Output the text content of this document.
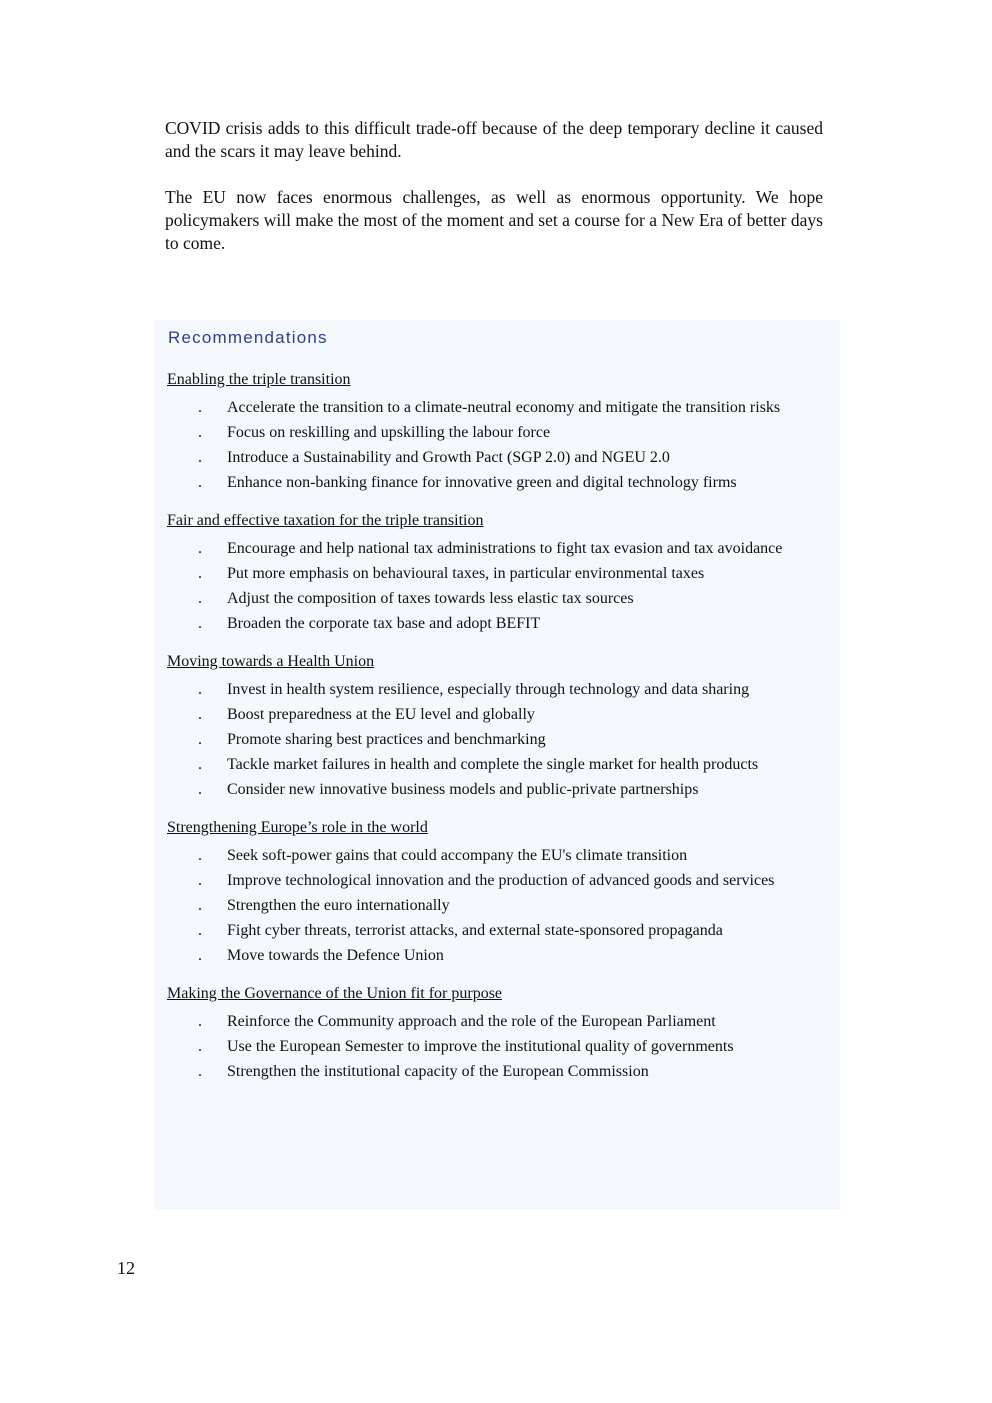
COVID crisis adds to this difficult trade-off because of the deep temporary decline it caused and the scars it may leave behind.

The EU now faces enormous challenges, as well as enormous opportunity. We hope policymakers will make the most of the moment and set a course for a New Era of better days to come.

Recommendations
Enabling the triple transition
. Accelerate the transition to a climate-neutral economy and mitigate the transition risks
. Focus on reskilling and upskilling the labour force
. Introduce a Sustainability and Growth Pact (SGP 2.0) and NGEU 2.0
. Enhance non-banking finance for innovative green and digital technology firms
Fair and effective taxation for the triple transition
. Encourage and help national tax administrations to fight tax evasion and tax avoidance
. Put more emphasis on behavioural taxes, in particular environmental taxes
. Adjust the composition of taxes towards less elastic tax sources
. Broaden the corporate tax base and adopt BEFIT
Moving towards a Health Union
. Invest in health system resilience, especially through technology and data sharing
. Boost preparedness at the EU level and globally
. Promote sharing best practices and benchmarking
. Tackle market failures in health and complete the single market for health products
. Consider new innovative business models and public-private partnerships
Strengthening Europe’s role in the world
. Seek soft-power gains that could accompany the EU's climate transition
. Improve technological innovation and the production of advanced goods and services
. Strengthen the euro internationally
. Fight cyber threats, terrorist attacks, and external state-sponsored propaganda
. Move towards the Defence Union
Making the Governance of the Union fit for purpose
. Reinforce the Community approach and the role of the European Parliament
. Use the European Semester to improve the institutional quality of governments
. Strengthen the institutional capacity of the European Commission
12
